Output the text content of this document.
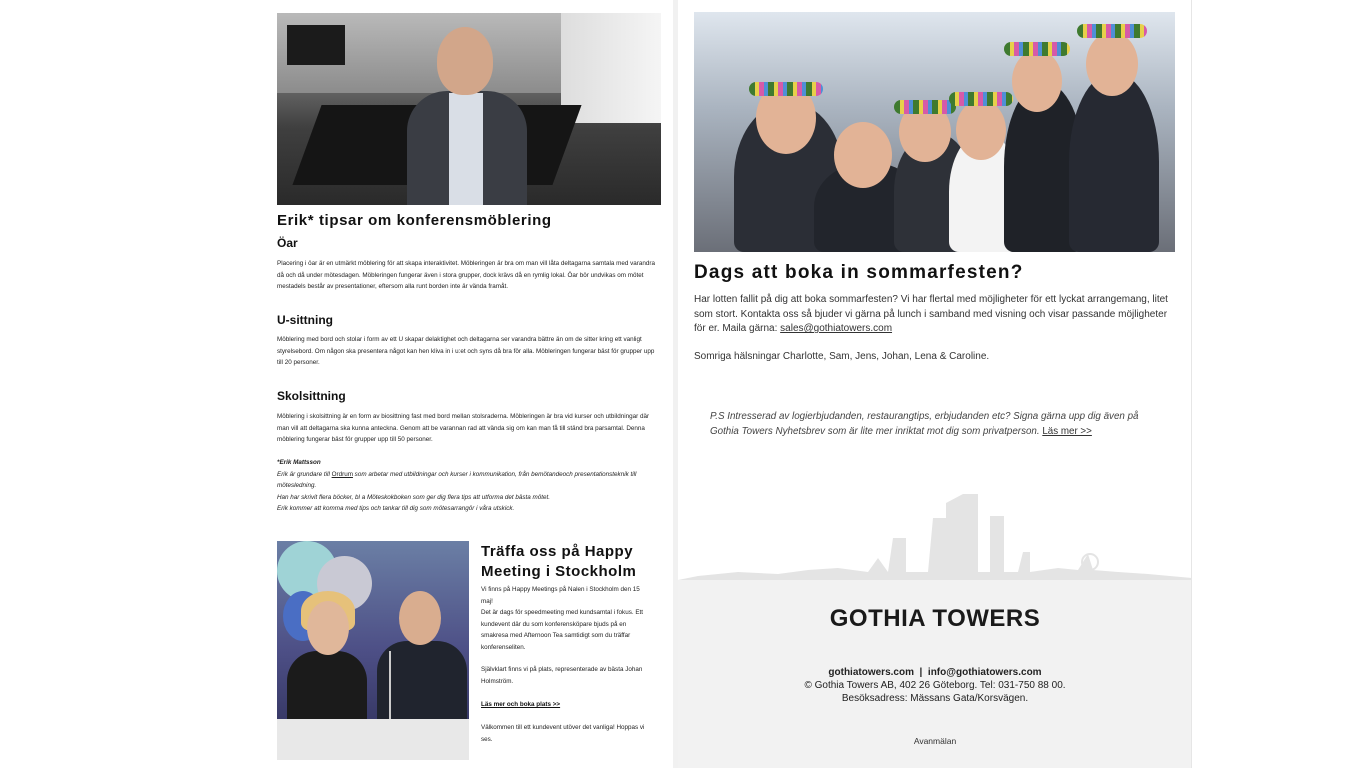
Erik* tipsar om konferensmöblering
Öar

Placering i öar är en utmärkt möblering för att skapa interaktivitet. Möbleringen är bra om man vill låta deltagarna samtala med varandra då och då under mötesdagen. Möbleringen fungerar även i stora grupper, dock krävs då en rymlig lokal. Öar bör undvikas om mötet mestadels består av presentationer, eftersom alla runt borden inte är vända framåt.

U-sittning

Möblering med bord och stolar i form av ett U skapar delaktighet och deltagarna ser varandra bättre än om de sitter kring ett vanligt styrelsebord. Om någon ska presentera något kan hen kliva in i u:et och syns då bra för alla. Möbleringen fungerar bäst för grupper upp till 20 personer.

Skolsittning

Möblering i skolsittning är en form av biosittning fast med bord mellan stolsraderna. Möbleringen är bra vid kurser och utbildningar där man vill att deltagarna ska kunna anteckna. Genom att be varannan rad att vända sig om kan man få till ständ bra parsamtal. Denna möblering fungerar bäst för grupper upp till 50 personer.

*Erik Mattsson
Erik är grundare till Ordrum som arbetar med utbildningar och kurser i kommunikation, från bemötandeoch presentationsteknik till mötesledning.
Han har skrivit flera böcker, bl a Möteskokboken som ger dig flera tips att utforma det bästa mötet.
Erik kommer att komma med tips och tankar till dig som mötesarrangör i våra utskick.
Träffa oss på Happy Meeting i Stockholm

Vi finns på Happy Meetings på Nalen i Stockholm den 15 maj!

Det är dags för speedmeeting med kundsamtal i fokus. Ett kundevent där du som konferensköpare bjuds på en smakresa med Afternoon Tea samtidigt som du träffar konferenseliten.

Självklart finns vi på plats, representerade av bästa Johan Holmström.

Läs mer och boka plats >>

Välkommen till ett kundevent utöver det vanliga! Hoppas vi ses.

Dags att boka in sommarfesten?

Har lotten fallit på dig att boka sommarfesten? Vi har flertal med möjligheter för ett lyckat arrangemang, litet som stort. Kontakta oss så bjuder vi gärna på lunch i samband med visning och visar passande möjligheter för er. Maila gärna: sales@gothiatowers.com

Somriga hälsningar Charlotte, Sam, Jens, Johan, Lena & Caroline.

P.S Intresserad av logierbjudanden, restaurangtips, erbjudanden etc? Signa gärna upp dig även på Gothia Towers Nyhetsbrev som är lite mer inriktat mot dig som privatperson. Läs mer >>

GOTHIA TOWERS

gothiatowers.com | info@gothiatowers.com

© Gothia Towers AB, 402 26 Göteborg. Tel: 031-750 88 00.

Besöksadress: Mässans Gata/Korsvägen.

Avanmälan
